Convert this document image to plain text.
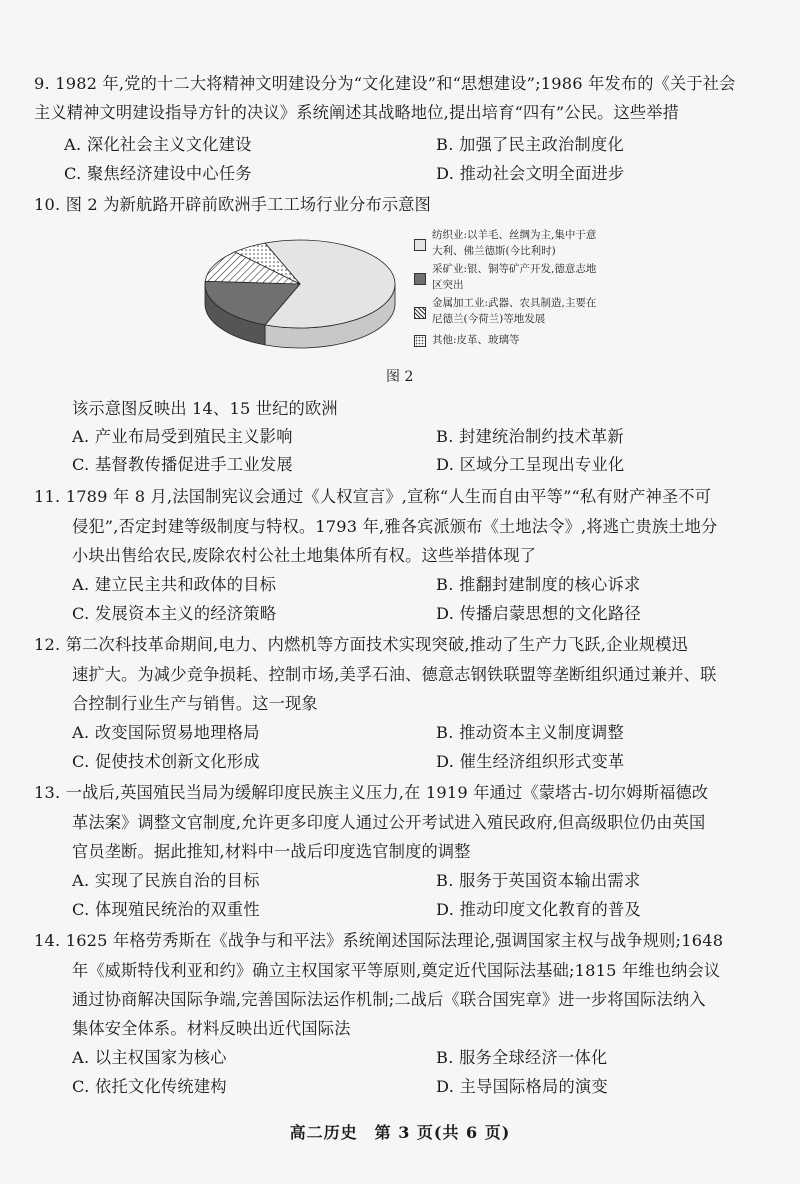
9. 1982 年,党的十二大将精神文明建设分为“文化建设”和“思想建设”;1986 年发布的《关于社会
主义精神文明建设指导方针的决议》系统阐述其战略地位,提出培育“四有”公民。这些举措
A. 深化社会主义文化建设	B. 加强了民主政治制度化
C. 聚焦经济建设中心任务	D. 推动社会文明全面进步
10. 图 2 为新航路开辟前欧洲手工工场行业分布示意图
纺织业:以羊毛、丝绸为主,集中于意
大利、佛兰德斯(今比利时)
采矿业:银、铜等矿产开发,德意志地
区突出
金属加工业:武器、农具制造,主要在
尼德兰(今荷兰)等地发展
其他:皮革、玻璃等
图 2
该示意图反映出 14、15 世纪的欧洲
A. 产业布局受到殖民主义影响	B. 封建统治制约技术革新
C. 基督教传播促进手工业发展	D. 区域分工呈现出专业化
11. 1789 年 8 月,法国制宪议会通过《人权宣言》,宣称“人生而自由平等”“私有财产神圣不可
侵犯”,否定封建等级制度与特权。1793 年,雅各宾派颁布《土地法令》,将逃亡贵族土地分
小块出售给农民,废除农村公社土地集体所有权。这些举措体现了
A. 建立民主共和政体的目标	B. 推翻封建制度的核心诉求
C. 发展资本主义的经济策略	D. 传播启蒙思想的文化路径
12. 第二次科技革命期间,电力、内燃机等方面技术实现突破,推动了生产力飞跃,企业规模迅
速扩大。为减少竞争损耗、控制市场,美孚石油、德意志钢铁联盟等垄断组织通过兼并、联
合控制行业生产与销售。这一现象
A. 改变国际贸易地理格局	B. 推动资本主义制度调整
C. 促使技术创新文化形成	D. 催生经济组织形式变革
13. 一战后,英国殖民当局为缓解印度民族主义压力,在 1919 年通过《蒙塔古-切尔姆斯福德改
革法案》调整文官制度,允许更多印度人通过公开考试进入殖民政府,但高级职位仍由英国
官员垄断。据此推知,材料中一战后印度选官制度的调整
A. 实现了民族自治的目标	B. 服务于英国资本输出需求
C. 体现殖民统治的双重性	D. 推动印度文化教育的普及
14. 1625 年格劳秀斯在《战争与和平法》系统阐述国际法理论,强调国家主权与战争规则;1648
年《威斯特伐利亚和约》确立主权国家平等原则,奠定近代国际法基础;1815 年维也纳会议
通过协商解决国际争端,完善国际法运作机制;二战后《联合国宪章》进一步将国际法纳入
集体安全体系。材料反映出近代国际法
A. 以主权国家为核心	B. 服务全球经济一体化
C. 依托文化传统建构	D. 主导国际格局的演变
高二历史　第 3 页(共 6 页)
